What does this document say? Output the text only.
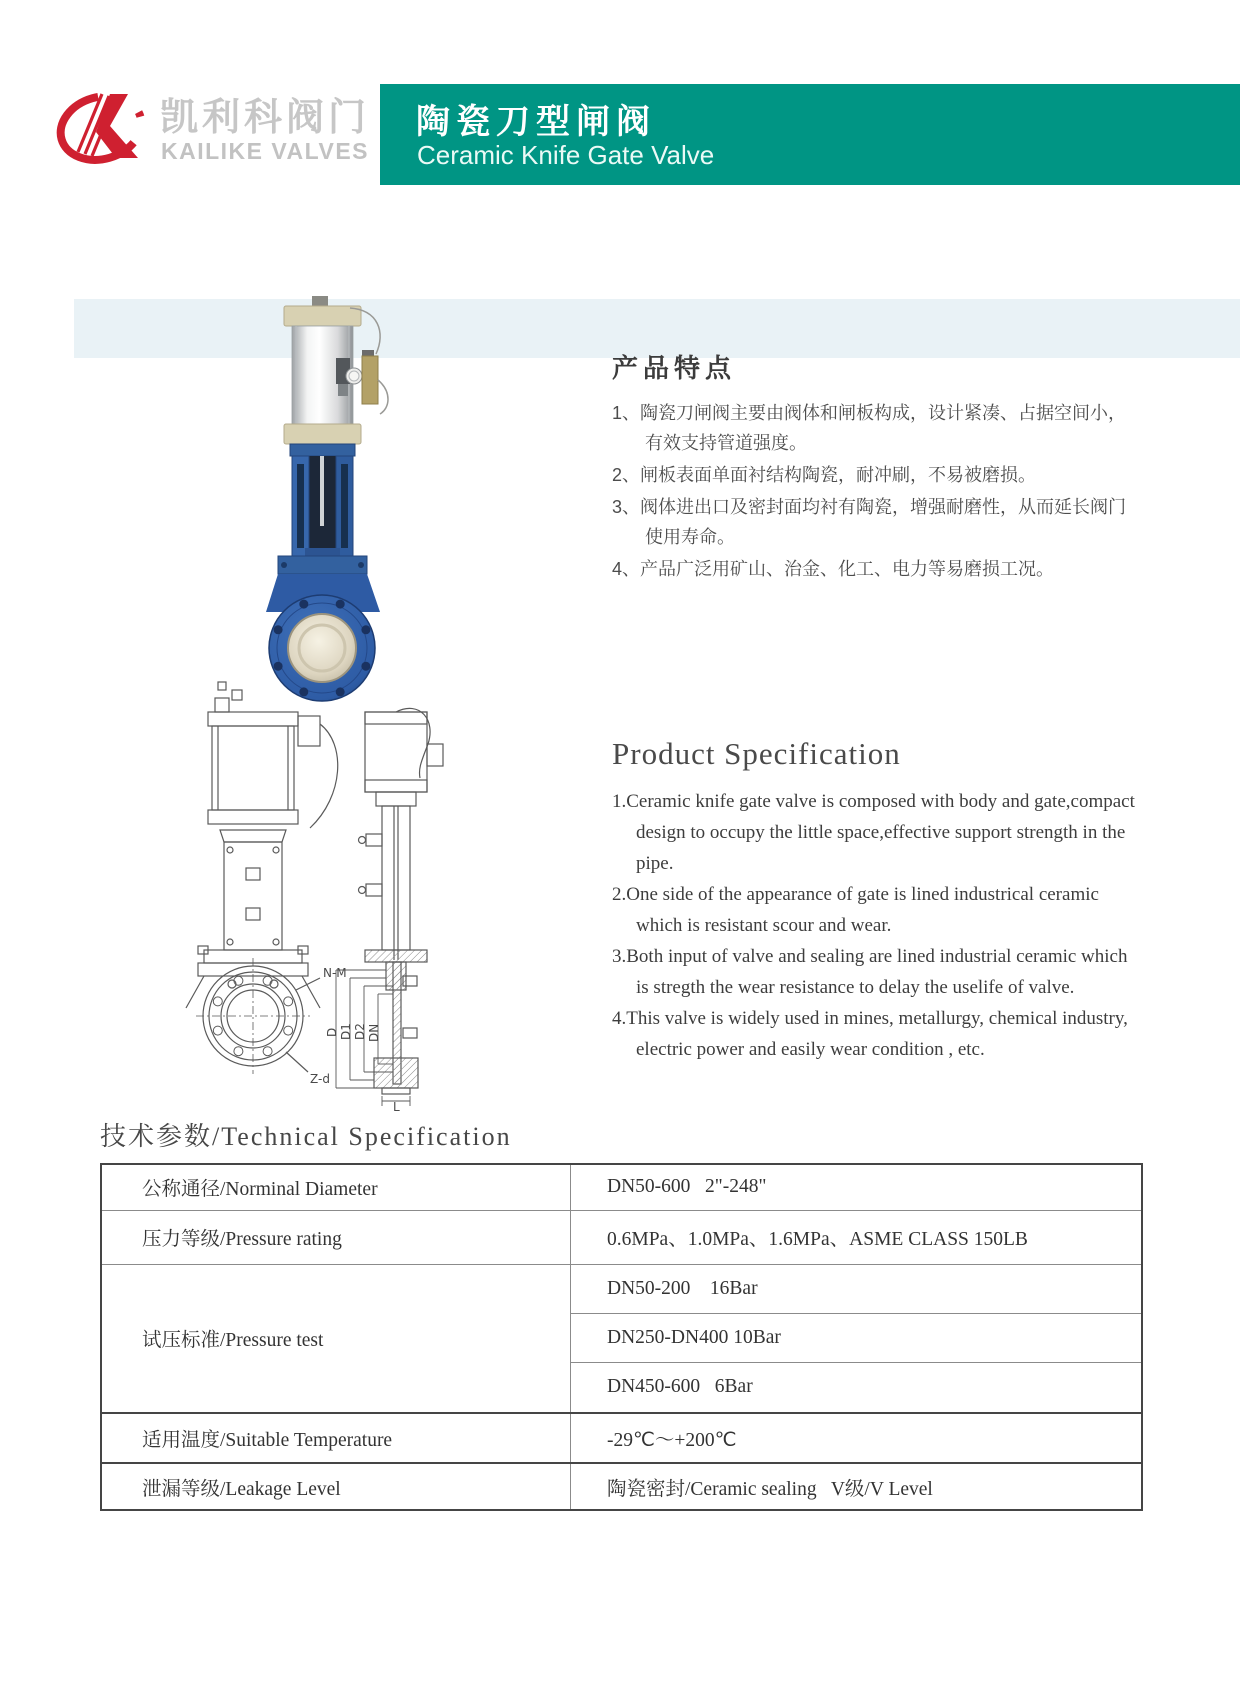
凯利科阀门
KAILIKE VALVES
陶瓷刀型闸阀
Ceramic Knife Gate Valve
N-M
Z-d
D D1 D2 DN
L
产品特点

1、陶瓷刀闸阀主要由阀体和闸板构成，设计紧凑、占据空间小，有效支持管道强度。

2、闸板表面单面衬结构陶瓷，耐冲刷，不易被磨损。

3、阀体进出口及密封面均衬有陶瓷，增强耐磨性，从而延长阀门使用寿命。

4、产品广泛用矿山、治金、化工、电力等易磨损工况。

Product Specification

1.Ceramic knife gate valve is composed with body and gate,compact design to occupy the little space,effective support strength in the pipe.

2.One side of the appearance of gate is lined industrical ceramic which is resistant scour and wear.

3.Both input of valve and sealing are lined industrial ceramic which is stregth the wear resistance to delay the uselife of valve.

4.This valve is widely used in mines, metallurgy, chemical industry, electric power and easily wear condition , etc.

技术参数/Technical Specification
公称通径/Norminal Diameter	DN50-600   2"-248"
压力等级/Pressure rating	0.6MPa、1.0MPa、1.6MPa、ASME CLASS 150LB
试压标准/Pressure test	DN50-200    16Bar
	DN250-DN400 10Bar
	DN450-600   6Bar
适用温度/Suitable Temperature	-29℃～+200℃
泄漏等级/Leakage Level	陶瓷密封/Ceramic sealing   V级/V Level
